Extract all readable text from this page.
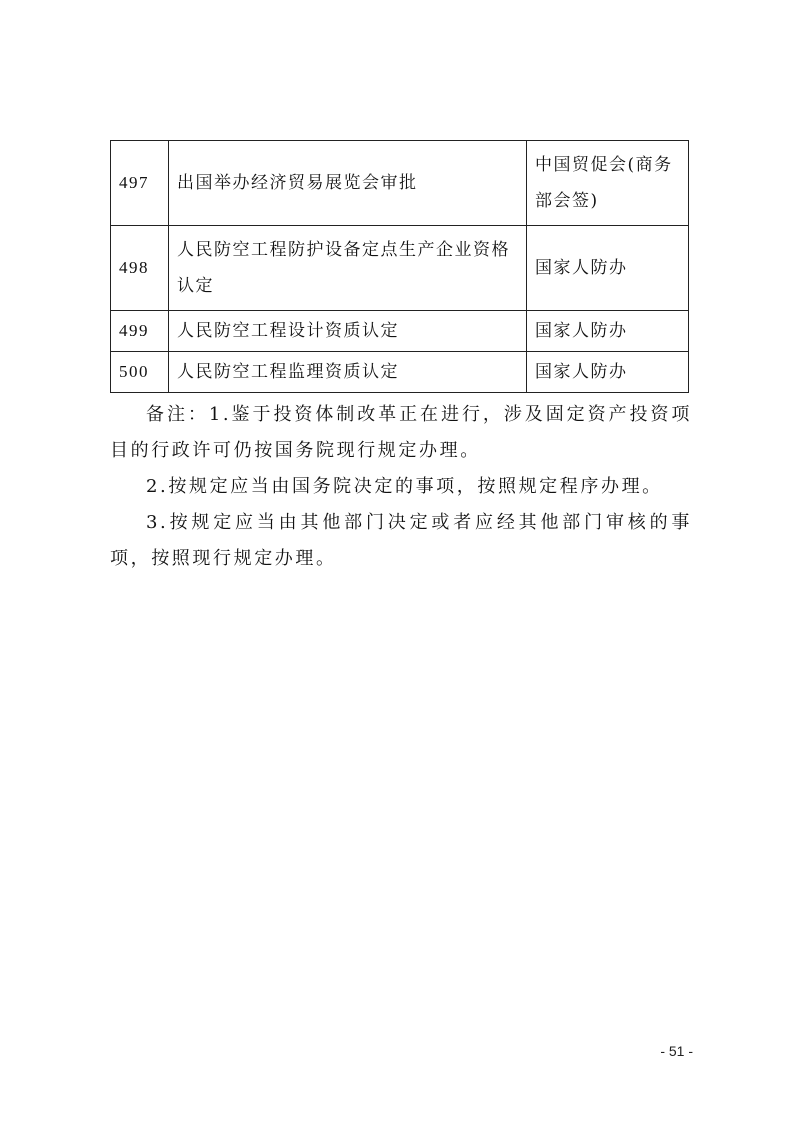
497	出国举办经济贸易展览会审批	中国贸促会(商务部会签)
498	人民防空工程防护设备定点生产企业资格认定	国家人防办
499	人民防空工程设计资质认定	国家人防办
500	人民防空工程监理资质认定	国家人防办

备注：1.鉴于投资体制改革正在进行，涉及固定资产投资项目的行政许可仍按国务院现行规定办理。

2.按规定应当由国务院决定的事项，按照规定程序办理。

3.按规定应当由其他部门决定或者应经其他部门审核的事项，按照现行规定办理。

- 51 -
